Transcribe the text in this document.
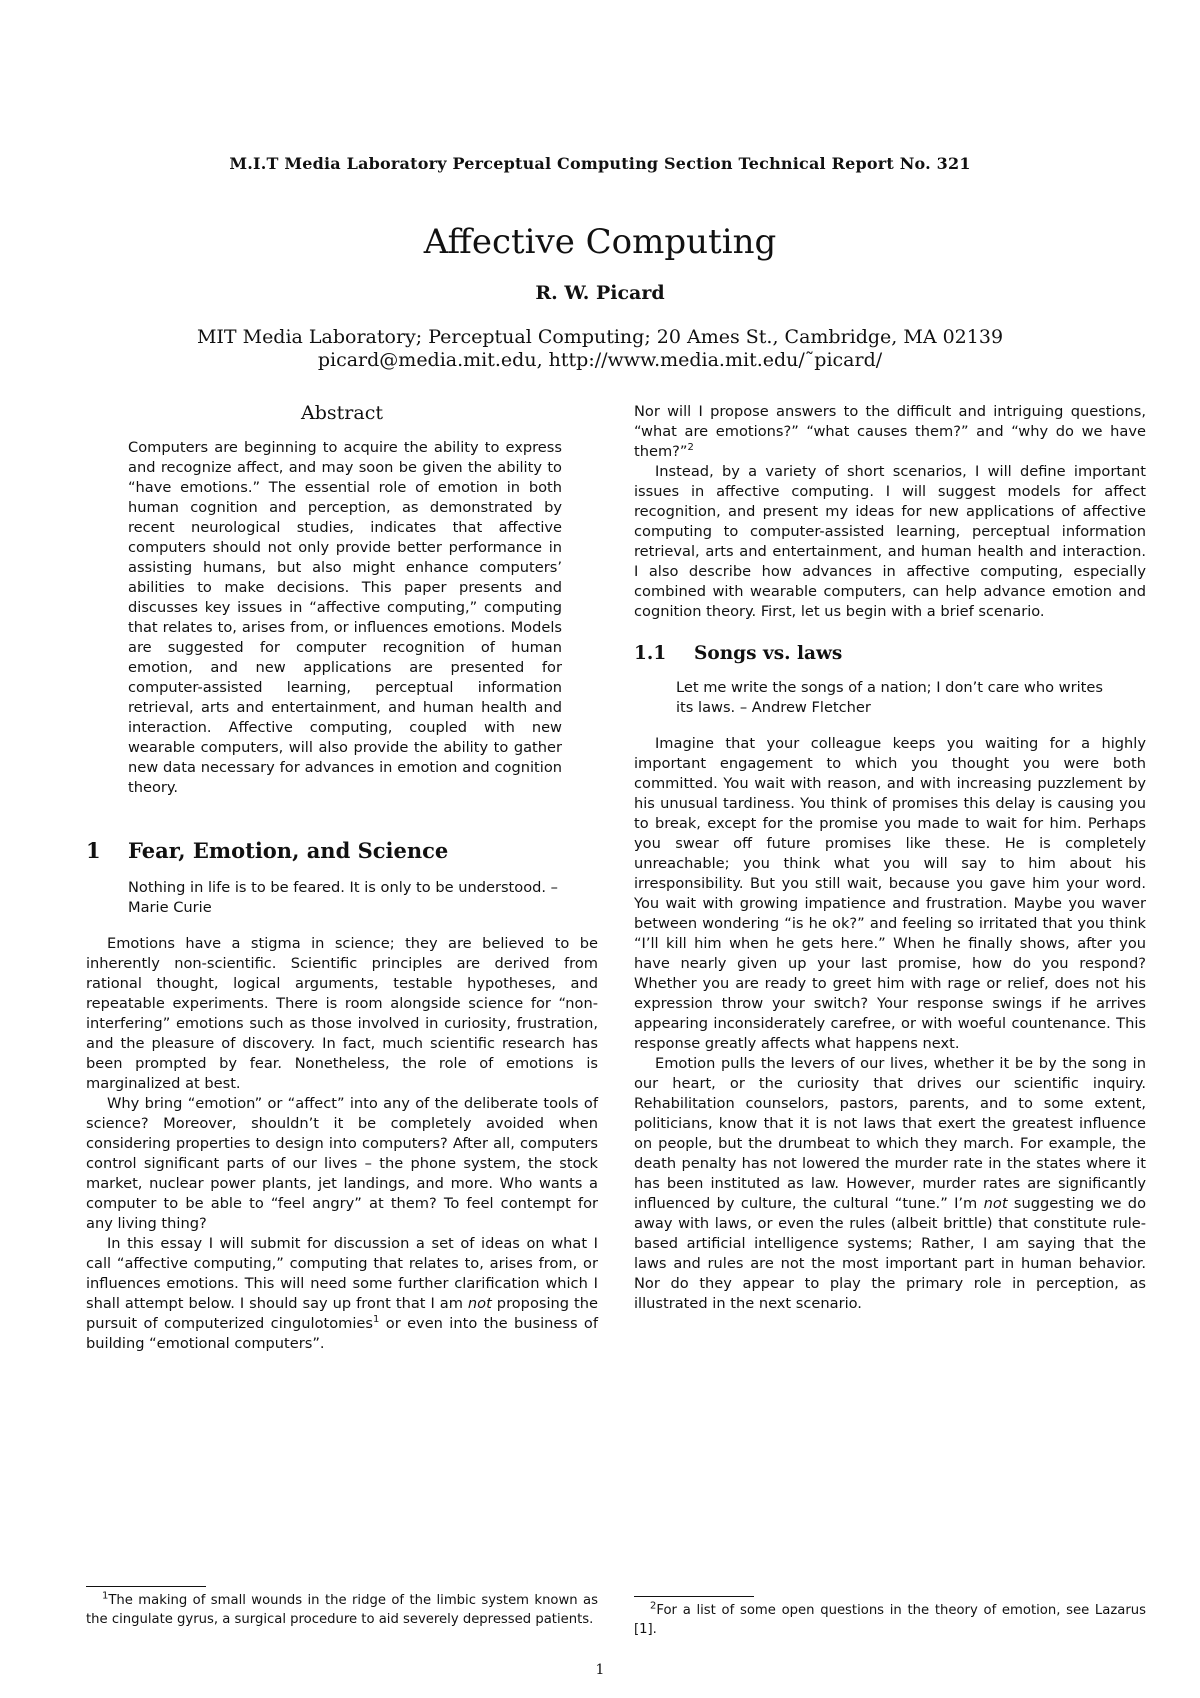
M.I.T Media Laboratory Perceptual Computing Section Technical Report No. 321
Affective Computing
R. W. Picard
MIT Media Laboratory; Perceptual Computing; 20 Ames St., Cambridge, MA 02139
picard@media.mit.edu, http://www.media.mit.edu/˜picard/
Abstract

Computers are beginning to acquire the ability to express and recognize affect, and may soon be given the ability to “have emotions.” The essential role of emotion in both human cognition and perception, as demonstrated by recent neurological studies, indicates that affective computers should not only provide better performance in assisting humans, but also might enhance computers’ abilities to make decisions. This paper presents and discusses key issues in “affective computing,” computing that relates to, arises from, or influences emotions. Models are suggested for computer recognition of human emotion, and new applications are presented for computer-assisted learning, perceptual information retrieval, arts and entertainment, and human health and interaction. Affective computing, coupled with new wearable computers, will also provide the ability to gather new data necessary for advances in emotion and cognition theory.

1 Fear, Emotion, and Science

Nothing in life is to be feared. It is only to be understood. – Marie Curie

Emotions have a stigma in science; they are believed to be inherently non-scientific. Scientific principles are derived from rational thought, logical arguments, testable hypotheses, and repeatable experiments. There is room alongside science for “non-interfering” emotions such as those involved in curiosity, frustration, and the pleasure of discovery. In fact, much scientific research has been prompted by fear. Nonetheless, the role of emotions is marginalized at best.

Why bring “emotion” or “affect” into any of the deliberate tools of science? Moreover, shouldn’t it be completely avoided when considering properties to design into computers? After all, computers control significant parts of our lives – the phone system, the stock market, nuclear power plants, jet landings, and more. Who wants a computer to be able to “feel angry” at them? To feel contempt for any living thing?

In this essay I will submit for discussion a set of ideas on what I call “affective computing,” computing that relates to, arises from, or influences emotions. This will need some further clarification which I shall attempt below. I should say up front that I am not proposing the pursuit of computerized cingulotomies$^1$ or even into the business of building “emotional computers”.

Nor will I propose answers to the difficult and intriguing questions, “what are emotions?” “what causes them?” and “why do we have them?”$^2$

Instead, by a variety of short scenarios, I will define important issues in affective computing. I will suggest models for affect recognition, and present my ideas for new applications of affective computing to computer-assisted learning, perceptual information retrieval, arts and entertainment, and human health and interaction. I also describe how advances in affective computing, especially combined with wearable computers, can help advance emotion and cognition theory. First, let us begin with a brief scenario.

1.1 Songs vs. laws

Let me write the songs of a nation; I don’t care who writes its laws. – Andrew Fletcher

Imagine that your colleague keeps you waiting for a highly important engagement to which you thought you were both committed. You wait with reason, and with increasing puzzlement by his unusual tardiness. You think of promises this delay is causing you to break, except for the promise you made to wait for him. Perhaps you swear off future promises like these. He is completely unreachable; you think what you will say to him about his irresponsibility. But you still wait, because you gave him your word. You wait with growing impatience and frustration. Maybe you waver between wondering “is he ok?” and feeling so irritated that you think “I’ll kill him when he gets here.” When he finally shows, after you have nearly given up your last promise, how do you respond? Whether you are ready to greet him with rage or relief, does not his expression throw your switch? Your response swings if he arrives appearing inconsiderately carefree, or with woeful countenance. This response greatly affects what happens next.

Emotion pulls the levers of our lives, whether it be by the song in our heart, or the curiosity that drives our scientific inquiry. Rehabilitation counselors, pastors, parents, and to some extent, politicians, know that it is not laws that exert the greatest influence on people, but the drumbeat to which they march. For example, the death penalty has not lowered the murder rate in the states where it has been instituted as law. However, murder rates are significantly influenced by culture, the cultural “tune.” I’m not suggesting we do away with laws, or even the rules (albeit brittle) that constitute rule-based artificial intelligence systems; Rather, I am saying that the laws and rules are not the most important part in human behavior. Nor do they appear to play the primary role in perception, as illustrated in the next scenario.

$^1$The making of small wounds in the ridge of the limbic system known as the cingulate gyrus, a surgical procedure to aid severely depressed patients.
$^2$For a list of some open questions in the theory of emotion, see Lazarus [1].
1
